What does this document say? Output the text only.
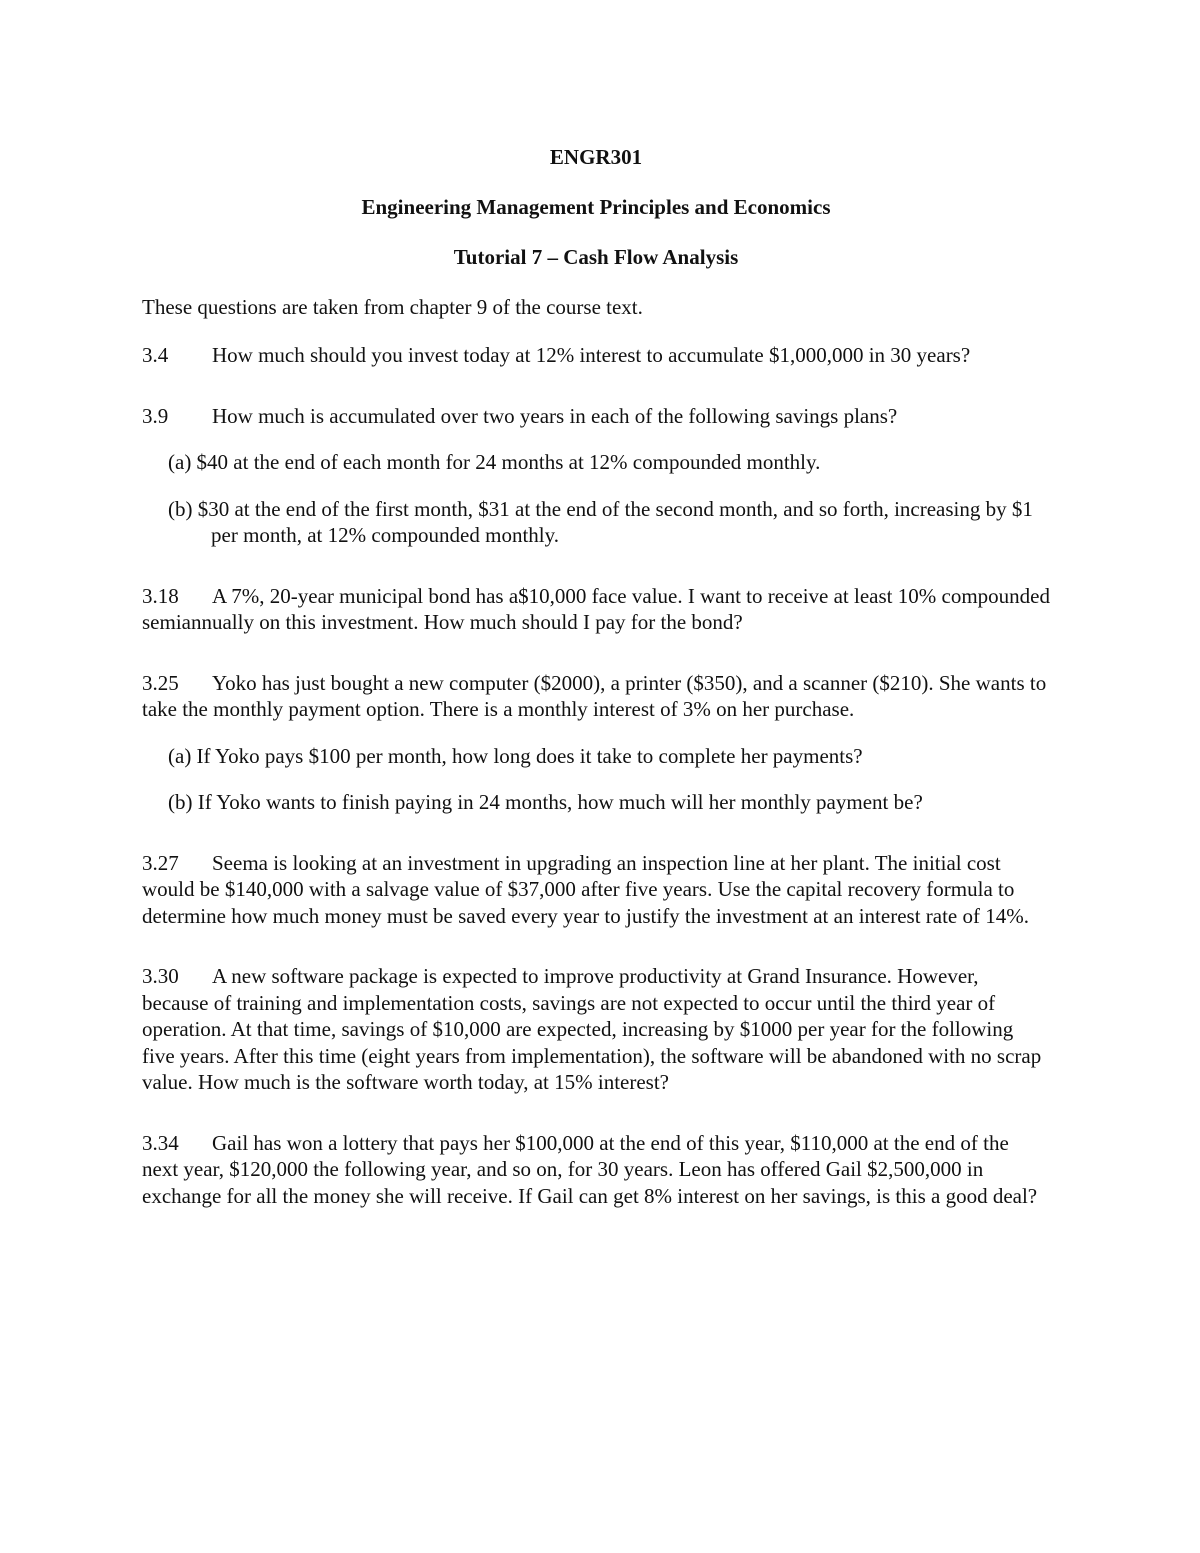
ENGR301

Engineering Management Principles and Economics

Tutorial 7 – Cash Flow Analysis

These questions are taken from chapter 9 of the course text.

3.4 How much should you invest today at 12% interest to accumulate $1,000,000 in 30 years?

3.9 How much is accumulated over two years in each of the following savings plans?

(a) $40 at the end of each month for 24 months at 12% compounded monthly.

(b) $30 at the end of the first month, $31 at the end of the second month, and so forth, increasing by $1 per month, at 12% compounded monthly.

3.18 A 7%, 20-year municipal bond has a$10,000 face value. I want to receive at least 10% compounded semiannually on this investment. How much should I pay for the bond?

3.25 Yoko has just bought a new computer ($2000), a printer ($350), and a scanner ($210). She wants to take the monthly payment option. There is a monthly interest of 3% on her purchase.

(a) If Yoko pays $100 per month, how long does it take to complete her payments?

(b) If Yoko wants to finish paying in 24 months, how much will her monthly payment be?

3.27 Seema is looking at an investment in upgrading an inspection line at her plant. The initial cost would be $140,000 with a salvage value of $37,000 after five years. Use the capital recovery formula to determine how much money must be saved every year to justify the investment at an interest rate of 14%.

3.30 A new software package is expected to improve productivity at Grand Insurance. However, because of training and implementation costs, savings are not expected to occur until the third year of operation. At that time, savings of $10,000 are expected, increasing by $1000 per year for the following five years. After this time (eight years from implementation), the software will be abandoned with no scrap value. How much is the software worth today, at 15% interest?

3.34 Gail has won a lottery that pays her $100,000 at the end of this year, $110,000 at the end of the next year, $120,000 the following year, and so on, for 30 years. Leon has offered Gail $2,500,000 in exchange for all the money she will receive. If Gail can get 8% interest on her savings, is this a good deal?
